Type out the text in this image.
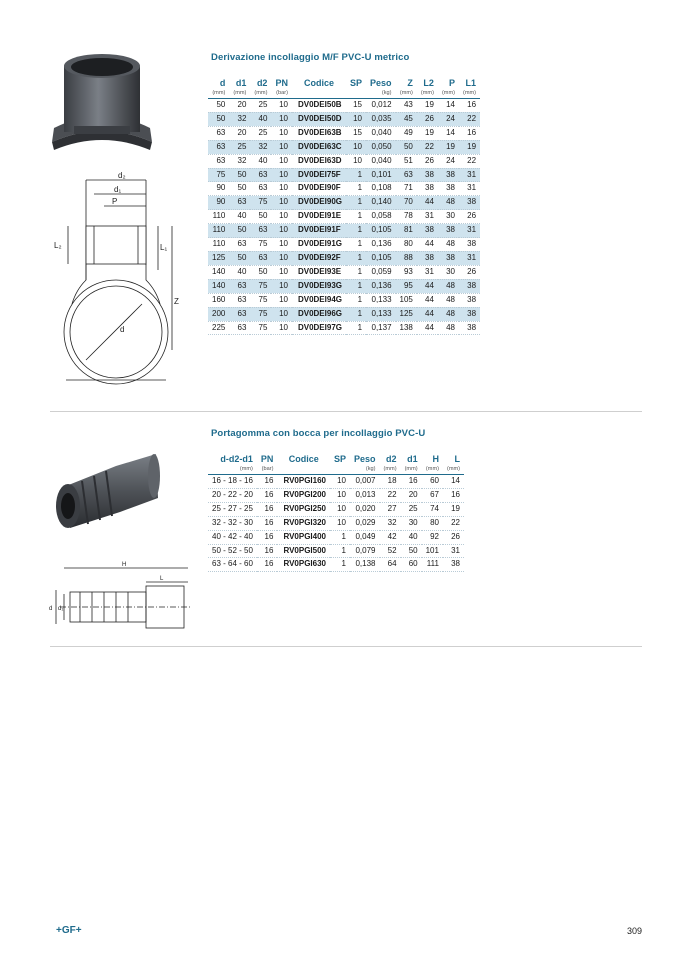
Derivazione incollaggio M/F PVC-U metrico
d₂
d₁
P
L₂	L₁
Z
d
d	d1	d2	PN	Codice	SP	Peso	Z	L2	P	L1
(mm)	(mm)	(mm)	(bar)			(kg)	(mm)	(mm)	(mm)	(mm)
50	20	25	10	DV0DEI50B	15	0,012	43	19	14	16
50	32	40	10	DV0DEI50D	10	0,035	45	26	24	22
63	20	25	10	DV0DEI63B	15	0,040	49	19	14	16
63	25	32	10	DV0DEI63C	10	0,050	50	22	19	19
63	32	40	10	DV0DEI63D	10	0,040	51	26	24	22
75	50	63	10	DV0DEI75F	1	0,101	63	38	38	31
90	50	63	10	DV0DEI90F	1	0,108	71	38	38	31
90	63	75	10	DV0DEI90G	1	0,140	70	44	48	38
110	40	50	10	DV0DEI91E	1	0,058	78	31	30	26
110	50	63	10	DV0DEI91F	1	0,105	81	38	38	31
110	63	75	10	DV0DEI91G	1	0,136	80	44	48	38
125	50	63	10	DV0DEI92F	1	0,105	88	38	38	31
140	40	50	10	DV0DEI93E	1	0,059	93	31	30	26
140	63	75	10	DV0DEI93G	1	0,136	95	44	48	38
160	63	75	10	DV0DEI94G	1	0,133	105	44	48	38
200	63	75	10	DV0DEI96G	1	0,133	125	44	48	38
225	63	75	10	DV0DEI97G	1	0,137	138	44	48	38
Portagomma con bocca per incollaggio PVC-U
H
L
d d₁
d-d2-d1	PN	Codice	SP	Peso	d2	d1	H	L
(mm)	(bar)			(kg)	(mm)	(mm)	(mm)	(mm)
16 - 18 - 16	16	RV0PGI160	10	0,007	18	16	60	14
20 - 22 - 20	16	RV0PGI200	10	0,013	22	20	67	16
25 - 27 - 25	16	RV0PGI250	10	0,020	27	25	74	19
32 - 32 - 30	16	RV0PGI320	10	0,029	32	30	80	22
40 - 42 - 40	16	RV0PGI400	1	0,049	42	40	92	26
50 - 52 - 50	16	RV0PGI500	1	0,079	52	50	101	31
63 - 64 - 60	16	RV0PGI630	1	0,138	64	60	111	38
+GF+	309
